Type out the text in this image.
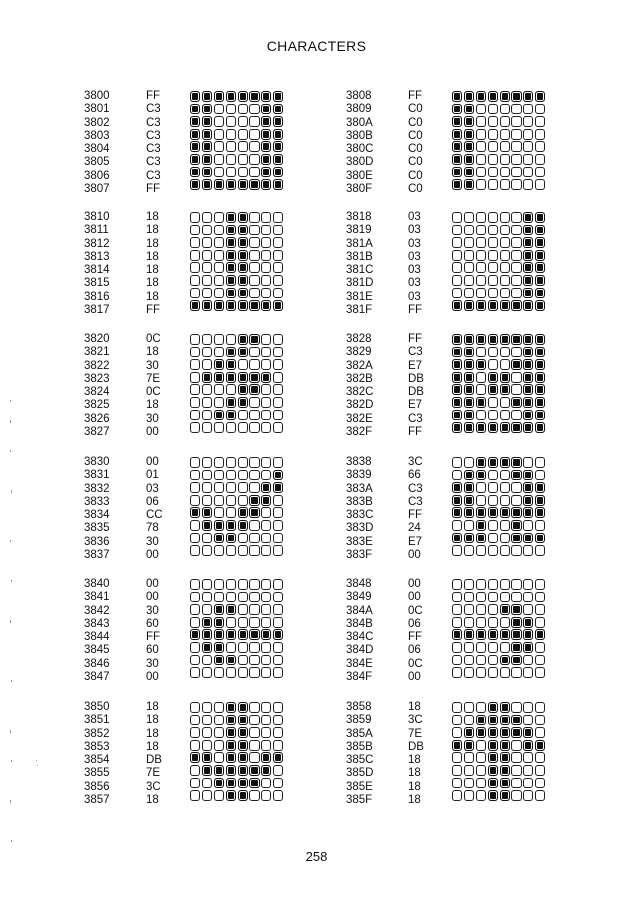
CHARACTERS
3800	FF
3801	C3
3802	C3
3803	C3
3804	C3
3805	C3
3806	C3
3807	FF
3808	FF
3809	C0
380A	C0
380B	C0
380C	C0
380D	C0
380E	C0
380F	C0
3810	18
3811	18
3812	18
3813	18
3814	18
3815	18
3816	18
3817	FF
3818	03
3819	03
381A	03
381B	03
381C	03
381D	03
381E	03
381F	FF
3820	0C
3821	18
3822	30
3823	7E
3824	0C
3825	18
3826	30
3827	00
3828	FF
3829	C3
382A	E7
382B	DB
382C	DB
382D	E7
382E	C3
382F	FF
3830	00
3831	01
3832	03
3833	06
3834	CC
3835	78
3836	30
3837	00
3838	3C
3839	66
383A	C3
383B	C3
383C	FF
383D	24
383E	E7
383F	00
3840	00
3841	00
3842	30
3843	60
3844	FF
3845	60
3846	30
3847	00
3848	00
3849	00
384A	0C
384B	06
384C	FF
384D	06
384E	0C
384F	00
3850	18
3851	18
3852	18
3853	18
3854	DB
3855	7E
3856	3C
3857	18
3858	18
3859	3C
385A	7E
385B	DB
385C	18
385D	18
385E	18
385F	18
258
